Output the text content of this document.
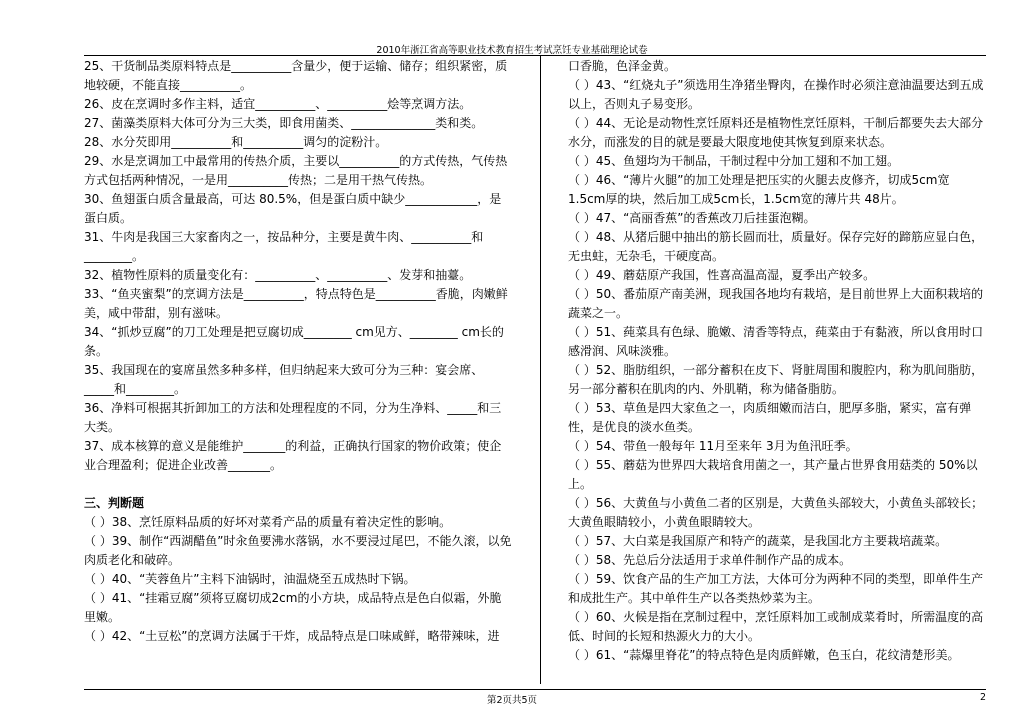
2010年浙江省高等职业技术教育招生考试烹饪专业基础理论试卷
25、干货制品类原料特点是__________含量少，便于运输、储存；组织紧密，质地较硬，不能直接__________。
26、皮在烹调时多作主料，适宜__________、__________烩等烹调方法。
27、菌藻类原料大体可分为三大类，即食用菌类、______________类和类。
28、水分芡即用__________和__________调匀的淀粉汁。
29、水是烹调加工中最常用的传热介质，主要以__________的方式传热，气传热方式包括两种情况，一是用__________传热；二是用干热气传热。
30、鱼翅蛋白质含量最高，可达 80.5%，但是蛋白质中缺少____________，是蛋白质。
31、牛肉是我国三大家畜肉之一，按品种分，主要是黄牛肉、__________和________。
32、植物性原料的质量变化有：__________、__________、发芽和抽薹。
33、“鱼夹蜜梨”的烹调方法是__________，特点特色是__________香脆，肉嫩鲜美，咸中带甜，别有滋味。
34、“抓炒豆腐”的刀工处理是把豆腐切成________ cm见方、________ cm长的条。
35、我国现在的宴席虽然多种多样，但归纳起来大致可分为三种：宴会席、_____和________。
36、净料可根据其折卸加工的方法和处理程度的不同，分为生净料、_____和三大类。
37、成本核算的意义是能维护_______的利益，正确执行国家的物价政策；使企业合理盈利；促进企业改善_______。
三、判断题
（ ）38、烹饪原料品质的好坏对菜肴产品的质量有着决定性的影响。
（ ）39、制作“西湖醋鱼”时汆鱼要沸水落锅，水不要浸过尾巴，不能久滚，以免肉质老化和破碎。
（ ）40、“芙蓉鱼片”主料下油锅时，油温烧至五成热时下锅。
（ ）41、“挂霜豆腐”须将豆腐切成2cm的小方块，成品特点是色白似霜，外脆里嫩。
（ ）42、“土豆松”的烹调方法属于干炸，成品特点是口味咸鲜，略带辣味，进
口香脆，色泽金黄。
（ ）43、“红烧丸子”须选用生净猪坐臀肉，在操作时必须注意油温要达到五成以上，否则丸子易变形。
（ ）44、无论是动物性烹饪原料还是植物性烹饪原料，干制后都要失去大部分水分，而涨发的目的就是要最大限度地使其恢复到原来状态。
（ ）45、鱼翅均为干制品，干制过程中分加工翅和不加工翅。
（ ）46、“薄片火腿”的加工处理是把压实的火腿去皮修齐，切成5cm宽1.5cm厚的块，然后加工成5cm长，1.5cm宽的薄片共 48片。
（ ）47、“高丽香蕉”的香蕉改刀后挂蛋泡糊。
（ ）48、从猪后腿中抽出的筋长圆而壮，质量好。保存完好的蹄筋应显白色，无虫蛀，无杂毛，干硬度高。
（ ）49、蘑菇原产我国，性喜高温高湿，夏季出产较多。
（ ）50、番茄原产南美洲，现我国各地均有栽培，是目前世界上大面积栽培的蔬菜之一。
（ ）51、莼菜具有色绿、脆嫩、清香等特点，莼菜由于有黏液，所以食用时口感滑润、风味淡雅。
（ ）52、脂肪组织，一部分蓄积在皮下、肾脏周围和腹腔内，称为肌间脂肪，另一部分蓄积在肌肉的内、外肌鞘，称为储备脂肪。
（ ）53、草鱼是四大家鱼之一，肉质细嫩而洁白，肥厚多脂，紧实，富有弹性，是优良的淡水鱼类。
（ ）54、带鱼一般每年 11月至来年 3月为鱼汛旺季。
（ ）55、蘑菇为世界四大栽培食用菌之一，其产量占世界食用菇类的 50%以上。
（ ）56、大黄鱼与小黄鱼二者的区别是，大黄鱼头部较大，小黄鱼头部较长；大黄鱼眼睛较小，小黄鱼眼睛较大。
（ ）57、大白菜是我国原产和特产的蔬菜，是我国北方主要栽培蔬菜。
（ ）58、先总后分法适用于求单件制作产品的成本。
（ ）59、饮食产品的生产加工方法，大体可分为两种不同的类型，即单件生产和成批生产。其中单件生产以各类热炒菜为主。
（ ）60、火候是指在烹制过程中，烹饪原料加工或制成菜肴时，所需温度的高低、时间的长短和热源火力的大小。
（ ）61、“蒜爆里脊花”的特点特色是肉质鲜嫩，色玉白，花纹清楚形美。
第2页共5页	2
